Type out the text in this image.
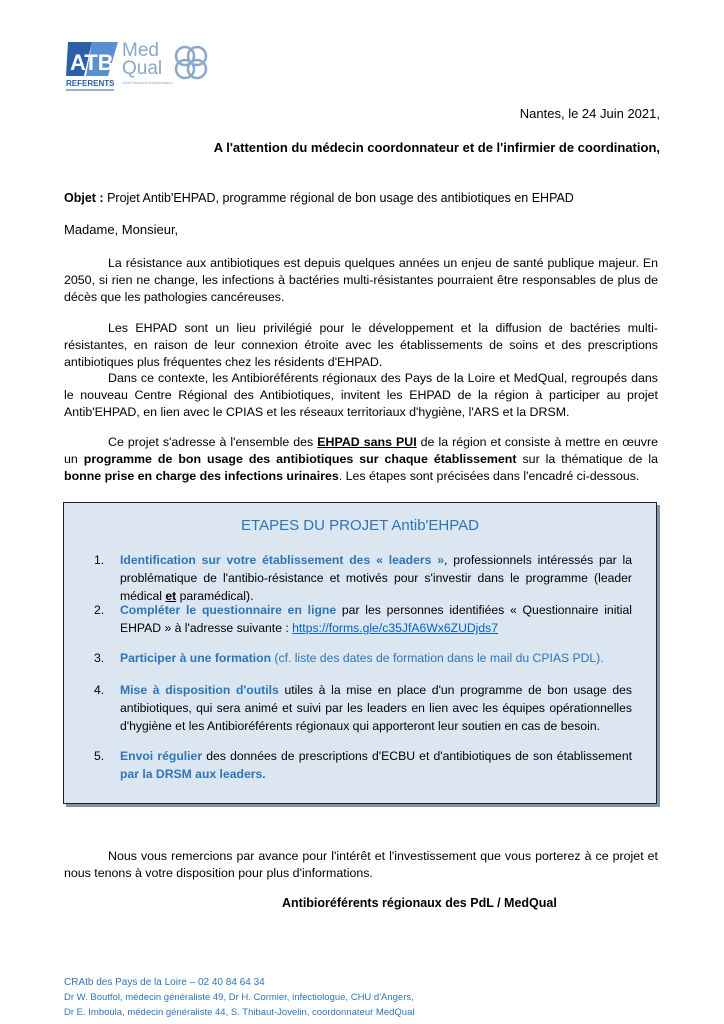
ATB
REFERENTS
Med
Qual
Centre Ressource Antibiorésistance
Nantes, le 24 Juin 2021,
A l'attention du médecin coordonnateur et de l'infirmier de coordination,
Objet : Projet Antib'EHPAD, programme régional de bon usage des antibiotiques en EHPAD
Madame, Monsieur,
La résistance aux antibiotiques est depuis quelques années un enjeu de santé publique majeur. En 2050, si rien ne change, les infections à bactéries multi-résistantes pourraient être responsables de plus de décès que les pathologies cancéreuses.
Les EHPAD sont un lieu privilégié pour le développement et la diffusion de bactéries multi-résistantes, en raison de leur connexion étroite avec les établissements de soins et des prescriptions antibiotiques plus fréquentes chez les résidents d'EHPAD.
Dans ce contexte, les Antibioréférents régionaux des Pays de la Loire et MedQual, regroupés dans le nouveau Centre Régional des Antibiotiques, invitent les EHPAD de la région à participer au projet Antib'EHPAD, en lien avec le CPIAS et les réseaux territoriaux d'hygiène, l'ARS et la DRSM.
Ce projet s'adresse à l'ensemble des EHPAD sans PUI de la région et consiste à mettre en œuvre un programme de bon usage des antibiotiques sur chaque établissement sur la thématique de la bonne prise en charge des infections urinaires. Les étapes sont précisées dans l'encadré ci-dessous.
ETAPES DU PROJET Antib'EHPAD
1. Identification sur votre établissement des « leaders », professionnels intéressés par la problématique de l'antibio-résistance et motivés pour s'investir dans le programme (leader médical et paramédical).
2. Compléter le questionnaire en ligne par les personnes identifiées « Questionnaire initial EHPAD » à l'adresse suivante : https://forms.gle/c35JfA6Wx6ZUDjds7
3. Participer à une formation (cf. liste des dates de formation dans le mail du CPIAS PDL).
4. Mise à disposition d'outils utiles à la mise en place d'un programme de bon usage des antibiotiques, qui sera animé et suivi par les leaders en lien avec les équipes opérationnelles d'hygiène et les Antibioréférents régionaux qui apporteront leur soutien en cas de besoin.
5. Envoi régulier des données de prescriptions d'ECBU et d'antibiotiques de son établissement par la DRSM aux leaders.
Nous vous remercions par avance pour l'intérêt et l'investissement que vous porterez à ce projet et nous tenons à votre disposition pour plus d'informations.
Antibioréférents régionaux des PdL / MedQual
CRAtb des Pays de la Loire – 02 40 84 64 34
Dr W. Boutfol, médecin généraliste 49, Dr H. Cormier, infectiologue, CHU d'Angers,
Dr E. Imboula, médecin généraliste 44, S. Thibaut-Jovelin, coordonnateur MedQual
